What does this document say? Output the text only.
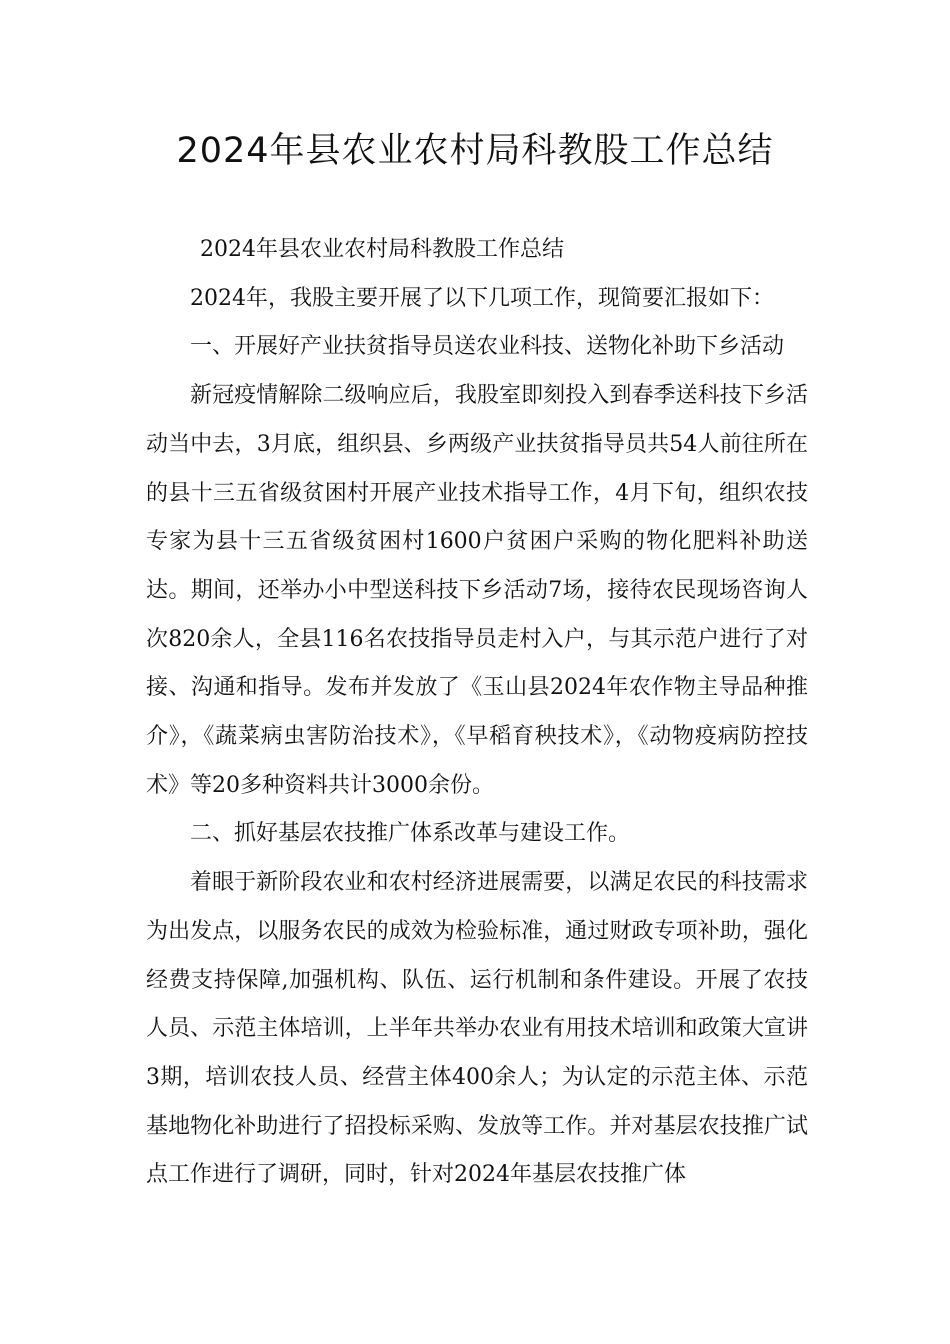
2024年县农业农村局科教股工作总结

2024年县农业农村局科教股工作总结

2024年，我股主要开展了以下几项工作，现简要汇报如下：

一、开展好产业扶贫指导员送农业科技、送物化补助下乡活动

新冠疫情解除二级响应后，我股室即刻投入到春季送科技下乡活动当中去，3月底，组织县、乡两级产业扶贫指导员共54人前往所在的县十三五省级贫困村开展产业技术指导工作，4月下旬，组织农技专家为县十三五省级贫困村1600户贫困户采购的物化肥料补助送达。期间，还举办小中型送科技下乡活动7场，接待农民现场咨询人次820余人，全县116名农技指导员走村入户，与其示范户进行了对接、沟通和指导。发布并发放了《玉山县2024年农作物主导品种推介》，《蔬菜病虫害防治技术》，《早稻育秧技术》，《动物疫病防控技术》等20多种资料共计3000余份。

二、抓好基层农技推广体系改革与建设工作。

着眼于新阶段农业和农村经济进展需要，以满足农民的科技需求为出发点，以服务农民的成效为检验标准，通过财政专项补助，强化经费支持保障,加强机构、队伍、运行机制和条件建设。开展了农技人员、示范主体培训，上半年共举办农业有用技术培训和政策大宣讲3期，培训农技人员、经营主体400余人；为认定的示范主体、示范基地物化补助进行了招投标采购、发放等工作。并对基层农技推广试点工作进行了调研，同时，针对2024年基层农技推广体
